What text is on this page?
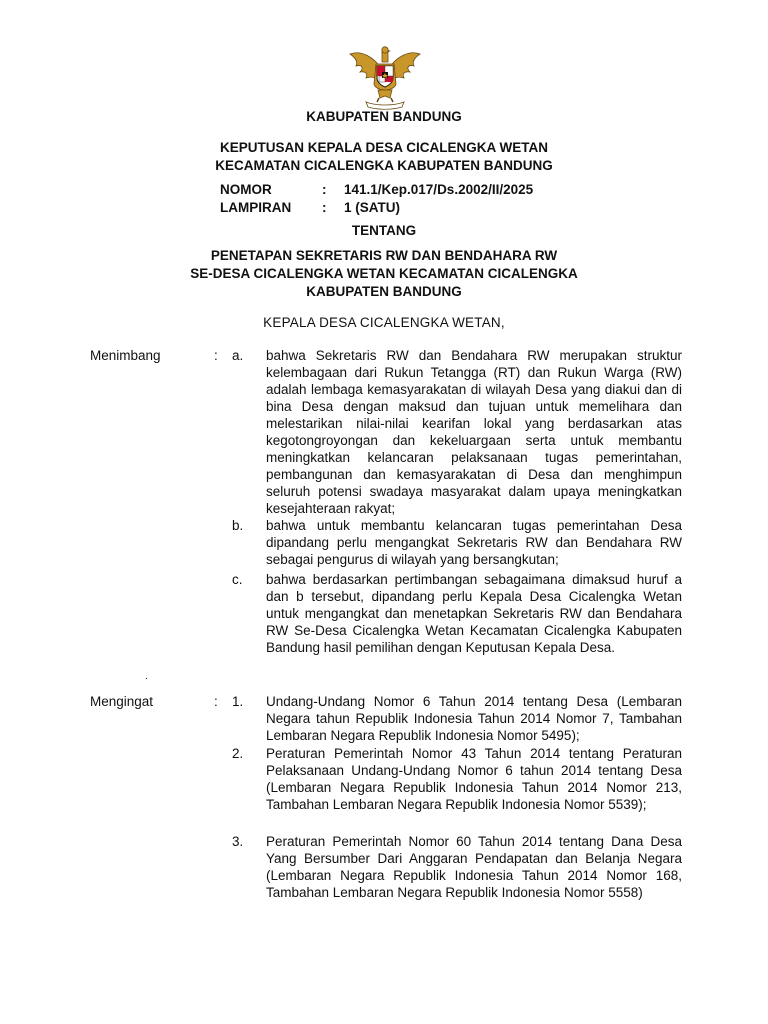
KABUPATEN BANDUNG
KEPUTUSAN KEPALA DESA CICALENGKA WETAN
KECAMATAN CICALENGKA KABUPATEN BANDUNG
NOMOR	:	141.1/Kep.017/Ds.2002/II/2025
LAMPIRAN	:	1 (SATU)
TENTANG
PENETAPAN SEKRETARIS RW DAN BENDAHARA RW
SE-DESA CICALENGKA WETAN KECAMATAN CICALENGKA
KABUPATEN BANDUNG
KEPALA DESA CICALENGKA WETAN,
Menimbang	:	a.	bahwa Sekretaris RW dan Bendahara RW merupakan struktur kelembagaan dari Rukun Tetangga (RT) dan Rukun Warga (RW) adalah lembaga kemasyarakatan di wilayah Desa yang diakui dan di bina Desa dengan maksud dan tujuan untuk memelihara dan melestarikan nilai-nilai kearifan lokal yang berdasarkan atas kegotongroyongan dan kekeluargaan serta untuk membantu meningkatkan kelancaran pelaksanaan tugas pemerintahan, pembangunan dan kemasyarakatan di Desa dan menghimpun seluruh potensi swadaya masyarakat dalam upaya meningkatkan kesejahteraan rakyat;
b.	bahwa untuk membantu kelancaran tugas pemerintahan Desa dipandang perlu mengangkat Sekretaris RW dan Bendahara RW sebagai pengurus di wilayah yang bersangkutan;
c.	bahwa berdasarkan pertimbangan sebagaimana dimaksud huruf a dan b tersebut, dipandang perlu Kepala Desa Cicalengka Wetan untuk mengangkat dan menetapkan Sekretaris RW dan Bendahara RW Se-Desa Cicalengka Wetan Kecamatan Cicalengka Kabupaten Bandung hasil pemilihan dengan Keputusan Kepala Desa.
.
Mengingat	:	1.	Undang-Undang Nomor 6 Tahun 2014 tentang Desa (Lembaran Negara tahun Republik Indonesia Tahun 2014 Nomor 7, Tambahan Lembaran Negara Republik Indonesia Nomor 5495);
2.	Peraturan Pemerintah Nomor 43 Tahun 2014 tentang Peraturan Pelaksanaan Undang-Undang Nomor 6 tahun 2014 tentang Desa (Lembaran Negara Republik Indonesia Tahun 2014 Nomor 213, Tambahan Lembaran Negara Republik Indonesia Nomor 5539);
3.	Peraturan Pemerintah Nomor 60 Tahun 2014 tentang Dana Desa Yang Bersumber Dari Anggaran Pendapatan dan Belanja Negara (Lembaran Negara Republik Indonesia Tahun 2014 Nomor 168, Tambahan Lembaran Negara Republik Indonesia Nomor 5558)
